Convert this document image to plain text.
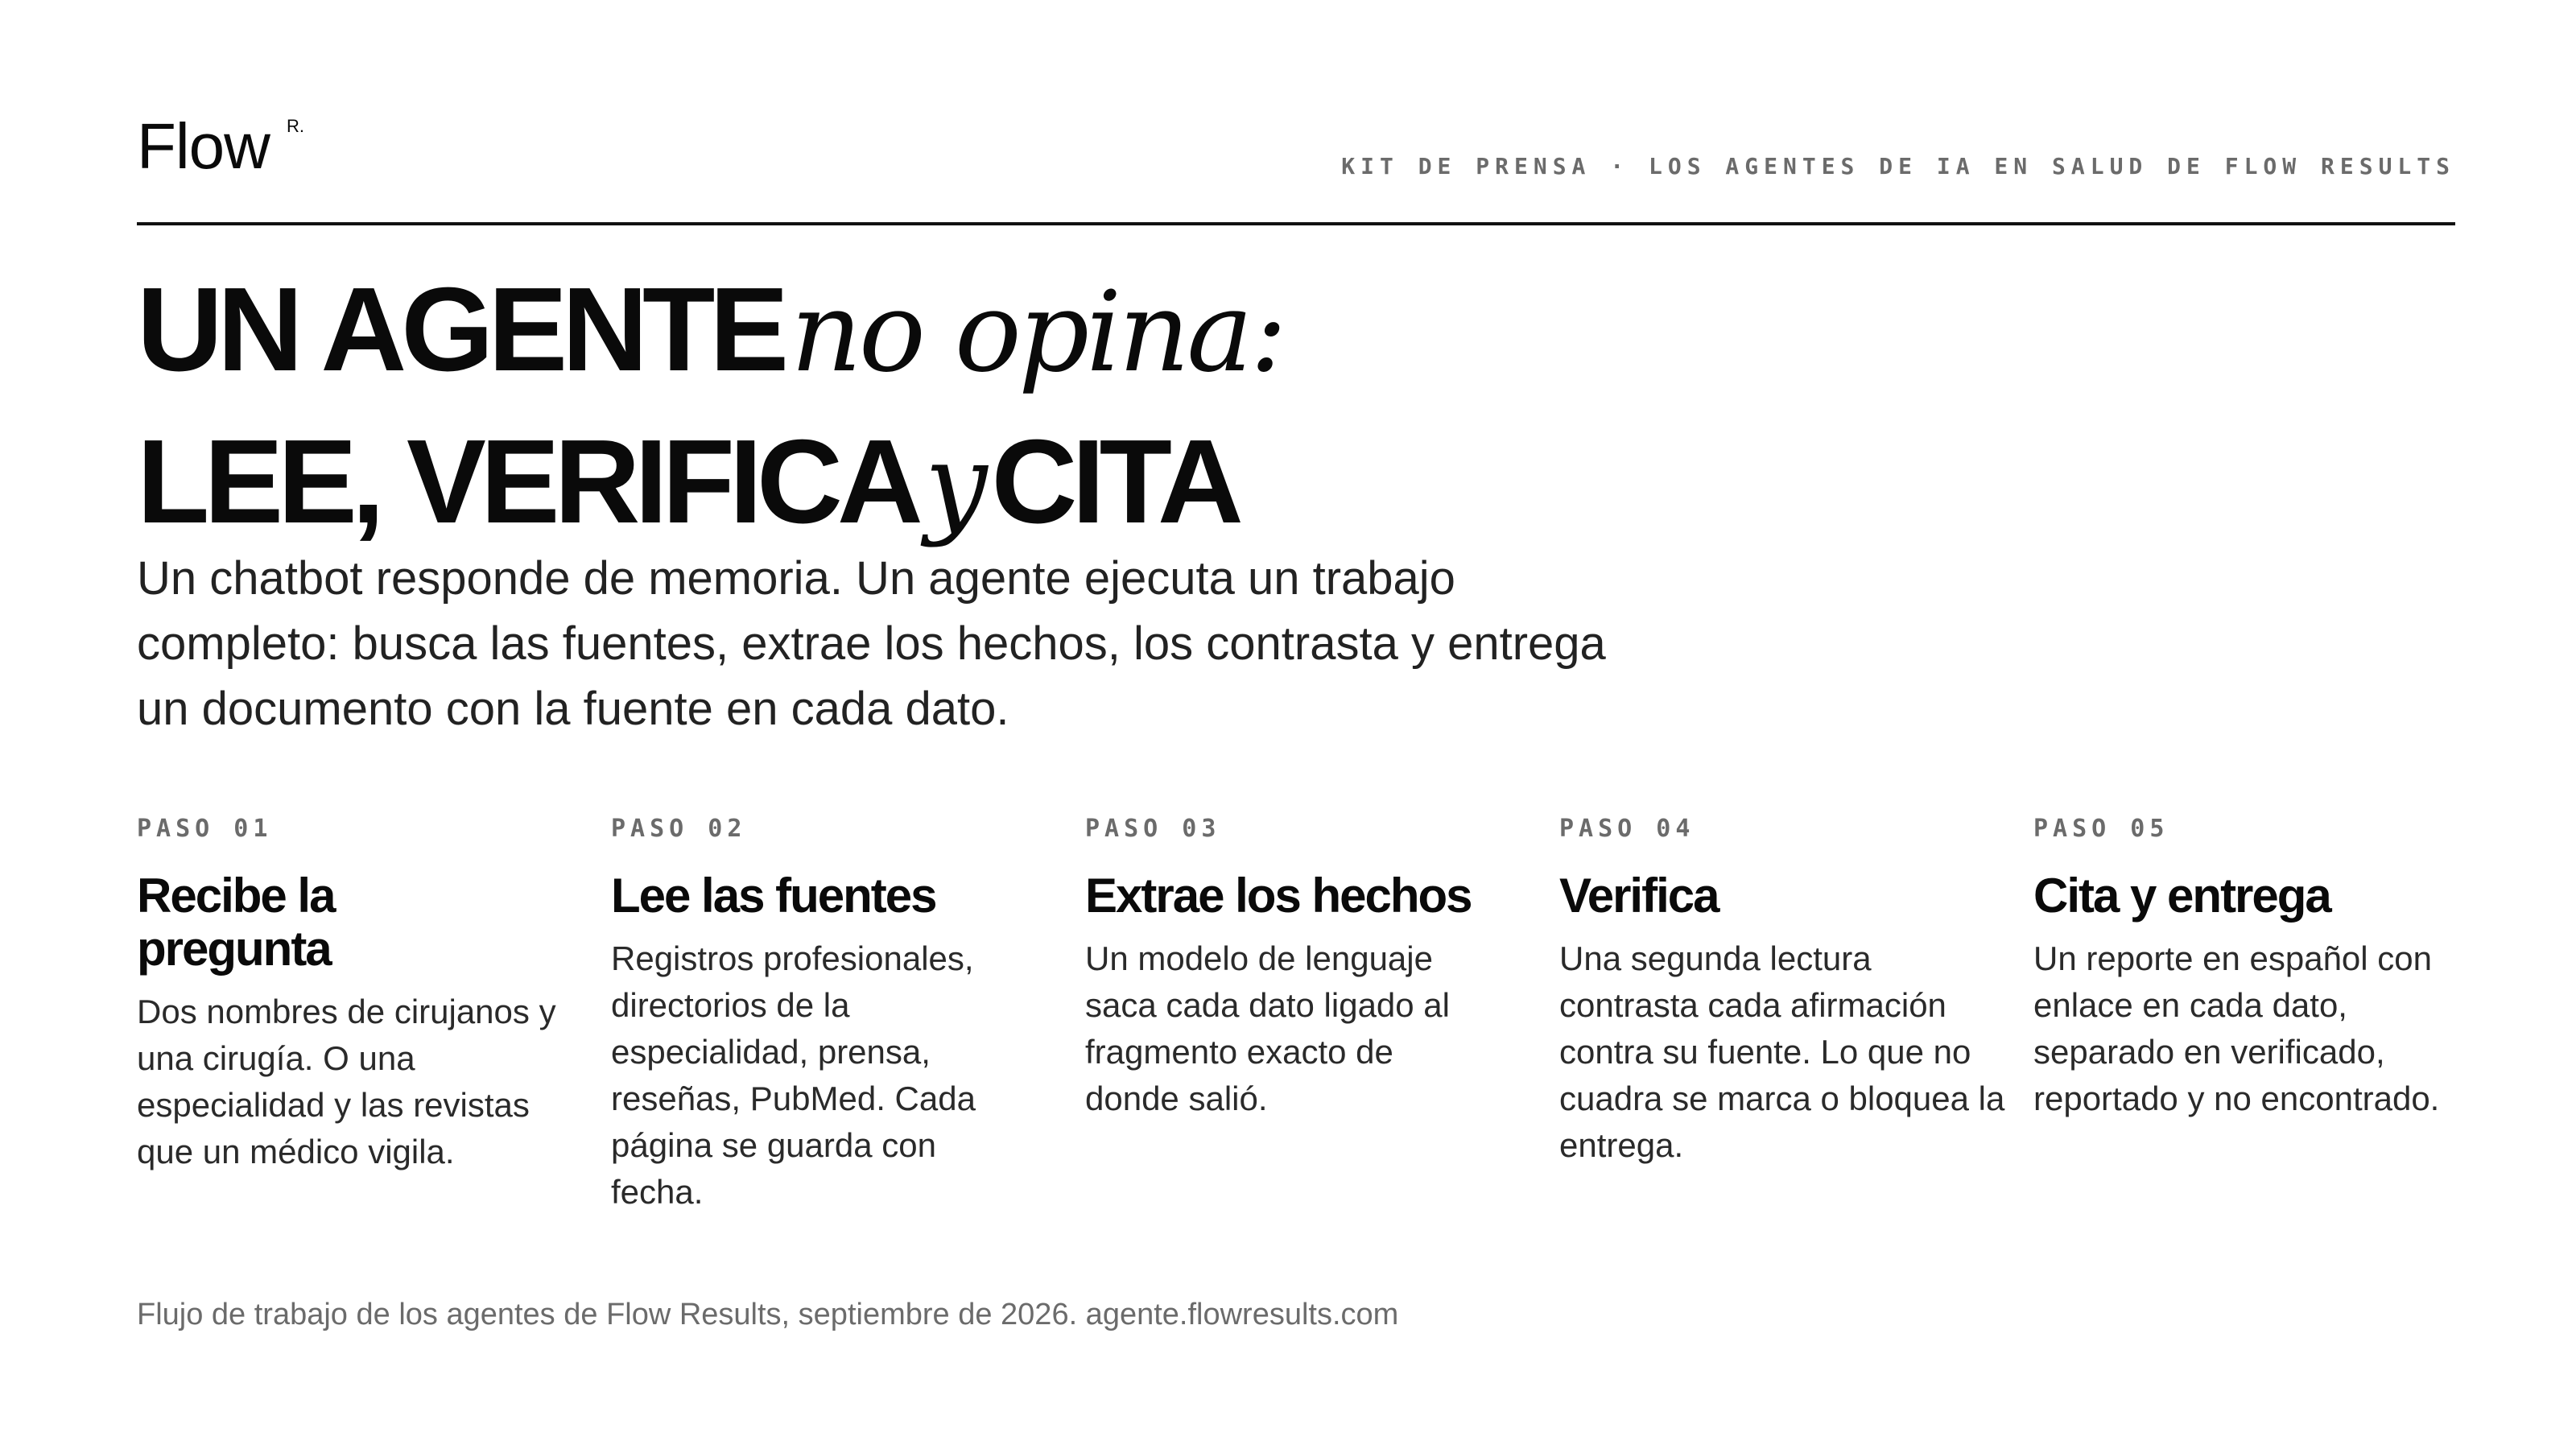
Flow R.
KIT DE PRENSA · LOS AGENTES DE IA EN SALUD DE FLOW RESULTS
UN AGENTE no opina:
LEE, VERIFICA y CITA

Un chatbot responde de memoria. Un agente ejecuta un trabajo completo: busca las fuentes, extrae los hechos, los contrasta y entrega un documento con la fuente en cada dato.

PASO 01
Recibe la pregunta
Dos nombres de cirujanos y una cirugía. O una especialidad y las revistas que un médico vigila.
PASO 02
Lee las fuentes
Registros profesionales, directorios de la especialidad, prensa, reseñas, PubMed. Cada página se guarda con fecha.
PASO 03
Extrae los hechos
Un modelo de lenguaje saca cada dato ligado al fragmento exacto de donde salió.
PASO 04
Verifica
Una segunda lectura contrasta cada afirmación contra su fuente. Lo que no cuadra se marca o bloquea la entrega.
PASO 05
Cita y entrega
Un reporte en español con enlace en cada dato, separado en verificado, reportado y no encontrado.
Flujo de trabajo de los agentes de Flow Results, septiembre de 2026. agente.flowresults.com
